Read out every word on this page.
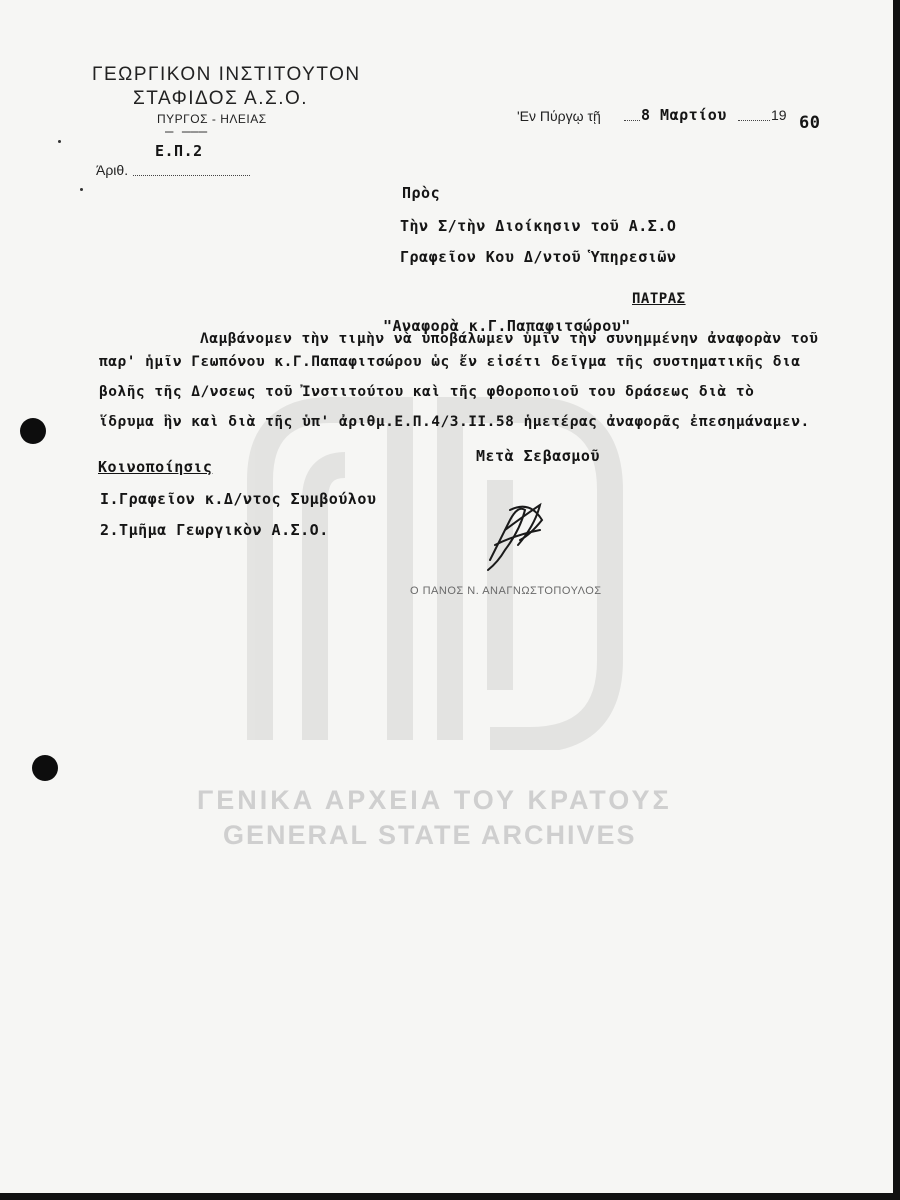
ΓΕΝΙΚΑ ΑΡΧΕΙΑ ΤΟΥ ΚΡΑΤΟΥΣ
GENERAL STATE ARCHIVES
ΓΕΩΡΓΙΚΟΝ ΙΝΣΤΙΤΟΥΤΟΝ
ΣΤΑΦΙΔΟΣ Α.Σ.Ο.
ΠΥΡΓΟΣ - ΗΛΕΙΑΣ
— ———
Ε.Π.2
Άριθ.
'Εν Πύργῳ τῇ	8 Μαρτίου	19 60
Πρὸς
Τὴν Σ/τὴν Διοίκησιν τοῦ Α.Σ.Ο
Γραφεῖον Κου Δ/ντοῦ Ὑπηρεσιῶν
ΠΑΤΡΑΣ
"Αναφορὰ κ.Γ.Παπαφιτσώρου"
Λαμβάνομεν τὴν τιμὴν νὰ ὑποβάλωμεν ὑμῖν τὴν συνημμένην ἀναφορὰν τοῦ
παρ' ἡμῖν Γεωπόνου κ.Γ.Παπαφιτσώρου ὡς ἔν εἰσέτι δεῖγμα τῆς συστηματικῆς δια
βολῆς τῆς Δ/νσεως τοῦ Ἰνστιτούτου καὶ τῆς φθοροποιοῦ του δράσεως διὰ τὸ
ἵδρυμα ἣν καὶ διὰ τῆς ὑπ' ἀριθμ.Ε.Π.4/3.ΙΙ.58 ἡμετέρας ἀναφορᾶς ἐπεσημάναμεν.
Μετὰ Σεβασμοῦ
Κοινοποίησις
Ι.Γραφεῖον κ.Δ/ντος Συμβούλου
2.Τμῆμα Γεωργικὸν Α.Σ.Ο.
Ο ΠΑΝΟΣ Ν. ΑΝΑΓΝΩΣΤΟΠΟΥΛΟΣ
